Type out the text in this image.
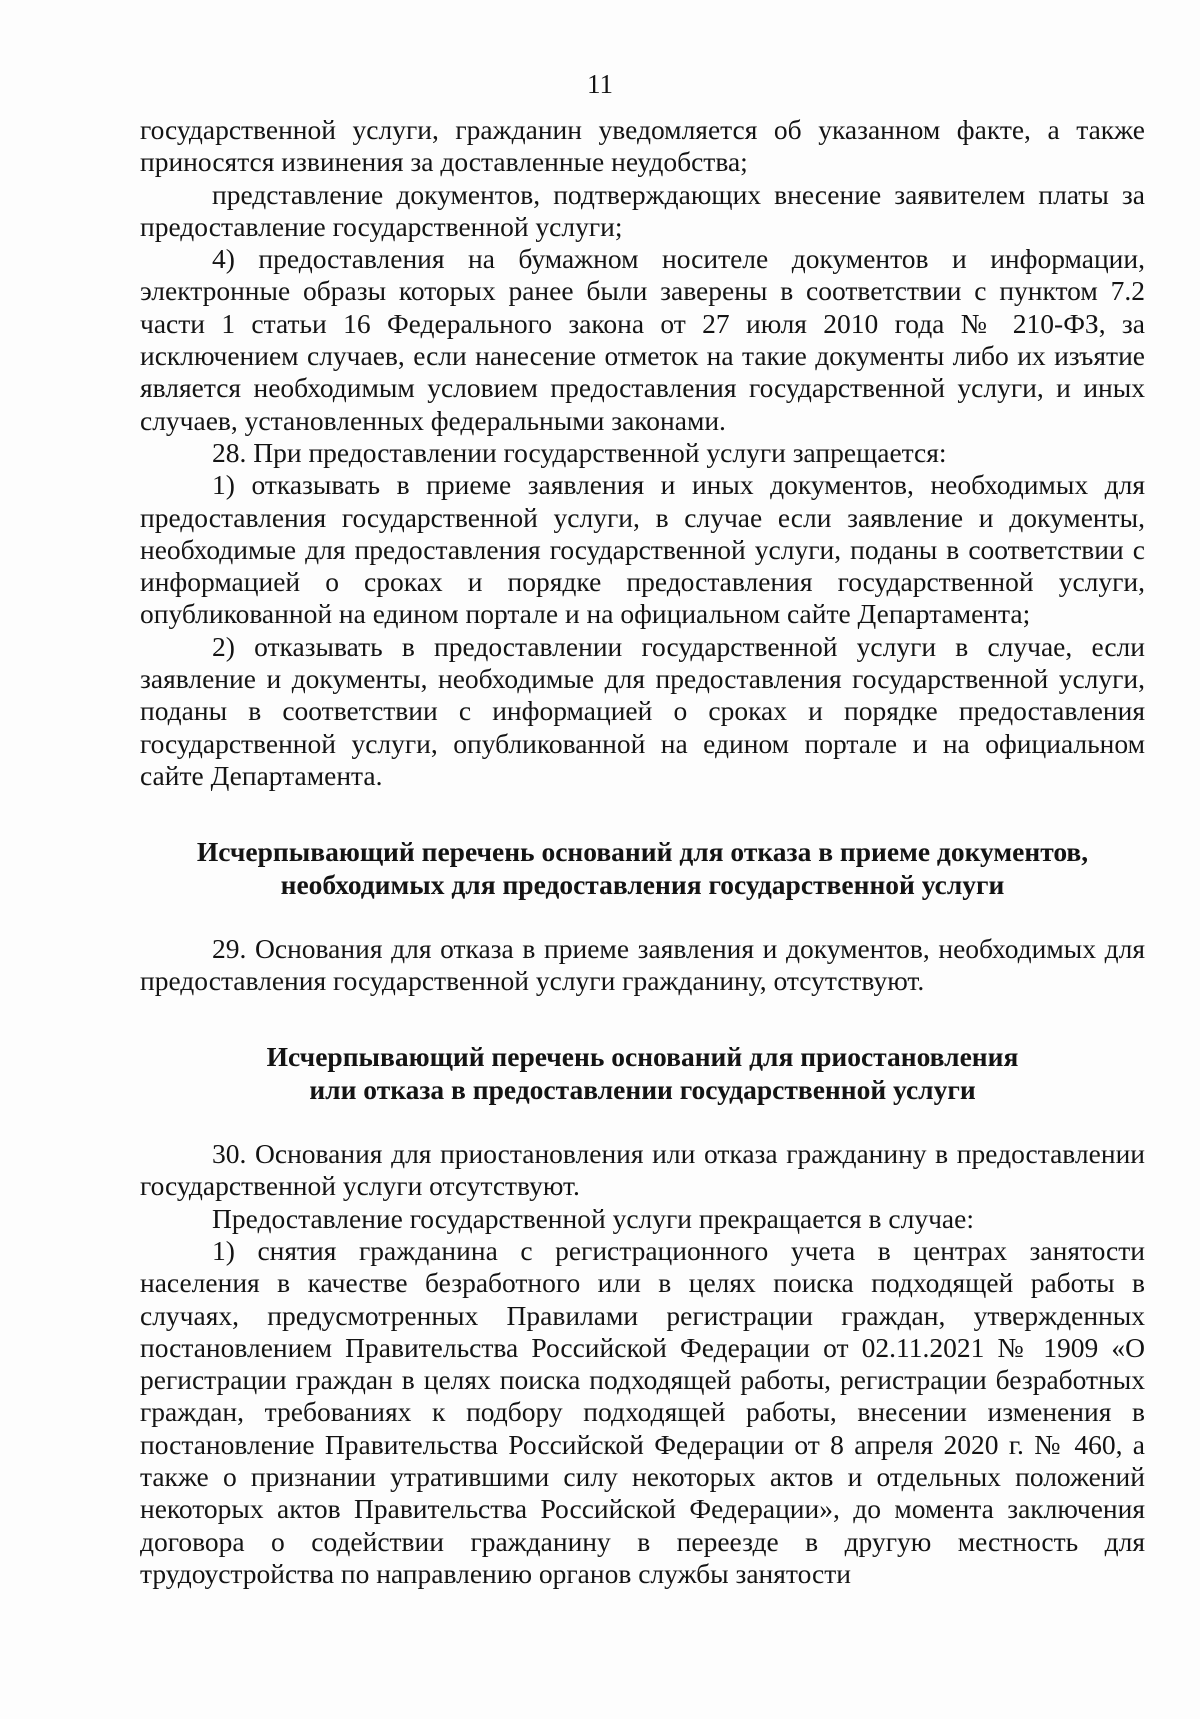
11

государственной услуги, гражданин уведомляется об указанном факте, а также приносятся извинения за доставленные неудобства;

представление документов, подтверждающих внесение заявителем платы за предоставление государственной услуги;

4) предоставления на бумажном носителе документов и информации, электронные образы которых ранее были заверены в соответствии с пунктом 7.2 части 1 статьи 16 Федерального закона от 27 июля 2010 года № 210-ФЗ, за исключением случаев, если нанесение отметок на такие документы либо их изъятие является необходимым условием предоставления государственной услуги, и иных случаев, установленных федеральными законами.

28. При предоставлении государственной услуги запрещается:

1) отказывать в приеме заявления и иных документов, необходимых для предоставления государственной услуги, в случае если заявление и документы, необходимые для предоставления государственной услуги, поданы в соответствии с информацией о сроках и порядке предоставления государственной услуги, опубликованной на едином портале и на официальном сайте Департамента;

2) отказывать в предоставлении государственной услуги в случае, если заявление и документы, необходимые для предоставления государственной услуги, поданы в соответствии с информацией о сроках и порядке предоставления государственной услуги, опубликованной на едином портале и на официальном сайте Департамента.

Исчерпывающий перечень оснований для отказа в приеме документов,
необходимых для предоставления государственной услуги

29. Основания для отказа в приеме заявления и документов, необходимых для предоставления государственной услуги гражданину, отсутствуют.

Исчерпывающий перечень оснований для приостановления
или отказа в предоставлении государственной услуги

30. Основания для приостановления или отказа гражданину в предоставлении государственной услуги отсутствуют.

Предоставление государственной услуги прекращается в случае:

1) снятия гражданина с регистрационного учета в центрах занятости населения в качестве безработного или в целях поиска подходящей работы в случаях, предусмотренных Правилами регистрации граждан, утвержденных постановлением Правительства Российской Федерации от 02.11.2021 № 1909 «О регистрации граждан в целях поиска подходящей работы, регистрации безработных граждан, требованиях к подбору подходящей работы, внесении изменения в постановление Правительства Российской Федерации от 8 апреля 2020 г. № 460, а также о признании утратившими силу некоторых актов и отдельных положений некоторых актов Правительства Российской Федерации», до момента заключения договора о содействии гражданину в переезде в другую местность для трудоустройства по направлению органов службы занятости
